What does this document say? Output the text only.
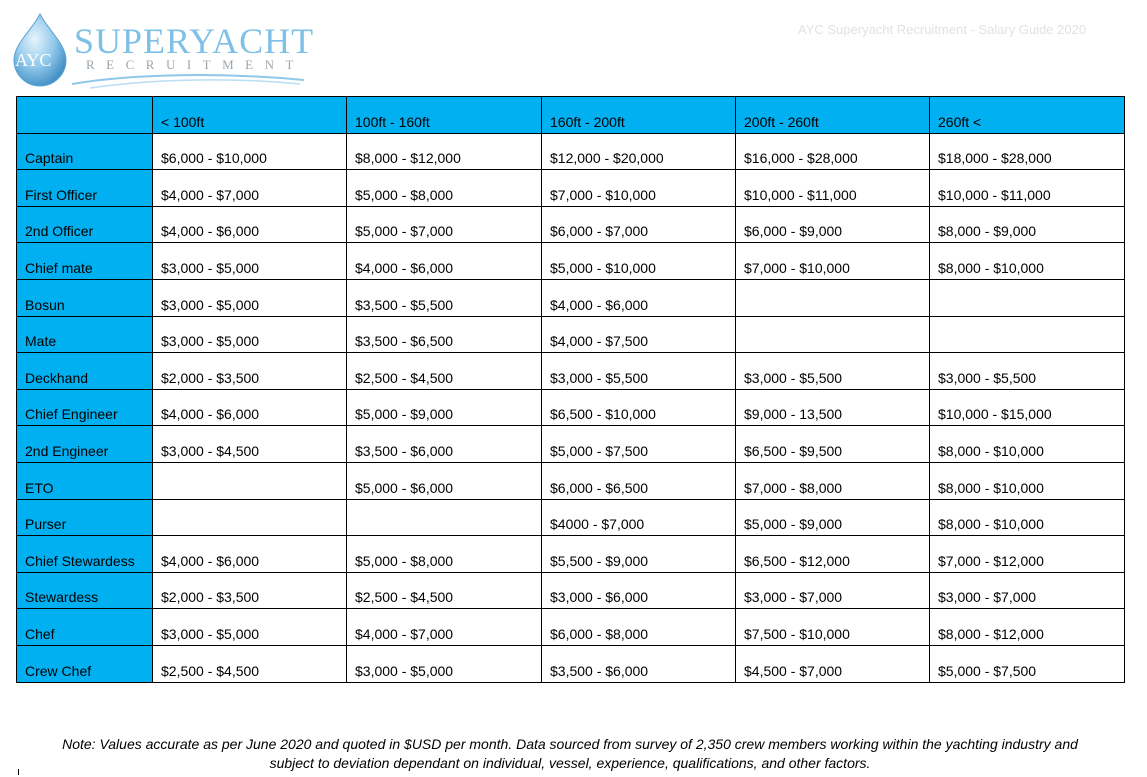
AYC SUPERYACHT
RECRUITMENT
AYC Superyacht Recruitment - Salary Guide 2020
	< 100ft	100ft - 160ft	160ft - 200ft	200ft - 260ft	260ft <
Captain	$6,000 - $10,000	$8,000 - $12,000	$12,000 - $20,000	$16,000 - $28,000	$18,000 - $28,000
First Officer	$4,000 - $7,000	$5,000 - $8,000	$7,000 - $10,000	$10,000 - $11,000	$10,000 - $11,000
2nd Officer	$4,000 - $6,000	$5,000 - $7,000	$6,000 - $7,000	$6,000 - $9,000	$8,000 - $9,000
Chief mate	$3,000 - $5,000	$4,000 - $6,000	$5,000 - $10,000	$7,000 - $10,000	$8,000 - $10,000
Bosun	$3,000 - $5,000	$3,500 - $5,500	$4,000 - $6,000		
Mate	$3,000 - $5,000	$3,500 - $6,500	$4,000 - $7,500		
Deckhand	$2,000 - $3,500	$2,500 - $4,500	$3,000 - $5,500	$3,000 - $5,500	$3,000 - $5,500
Chief Engineer	$4,000 - $6,000	$5,000 - $9,000	$6,500 - $10,000	$9,000 - 13,500	$10,000 - $15,000
2nd Engineer	$3,000 - $4,500	$3,500 - $6,000	$5,000 - $7,500	$6,500 - $9,500	$8,000 - $10,000
ETO		$5,000 - $6,000	$6,000 - $6,500	$7,000 - $8,000	$8,000 - $10,000
Purser			$4000 - $7,000	$5,000 - $9,000	$8,000 - $10,000
Chief Stewardess	$4,000 - $6,000	$5,000 - $8,000	$5,500 - $9,000	$6,500 - $12,000	$7,000 - $12,000
Stewardess	$2,000 - $3,500	$2,500 - $4,500	$3,000 - $6,000	$3,000 - $7,000	$3,000 - $7,000
Chef	$3,000 - $5,000	$4,000 - $7,000	$6,000 - $8,000	$7,500 - $10,000	$8,000 - $12,000
Crew Chef	$2,500 - $4,500	$3,000 - $5,000	$3,500 - $6,000	$4,500 - $7,000	$5,000 - $7,500
Note: Values accurate as per June 2020 and quoted in $USD per month. Data sourced from survey of 2,350 crew members working within the yachting industry and
subject to deviation dependant on individual, vessel, experience, qualifications, and other factors.
